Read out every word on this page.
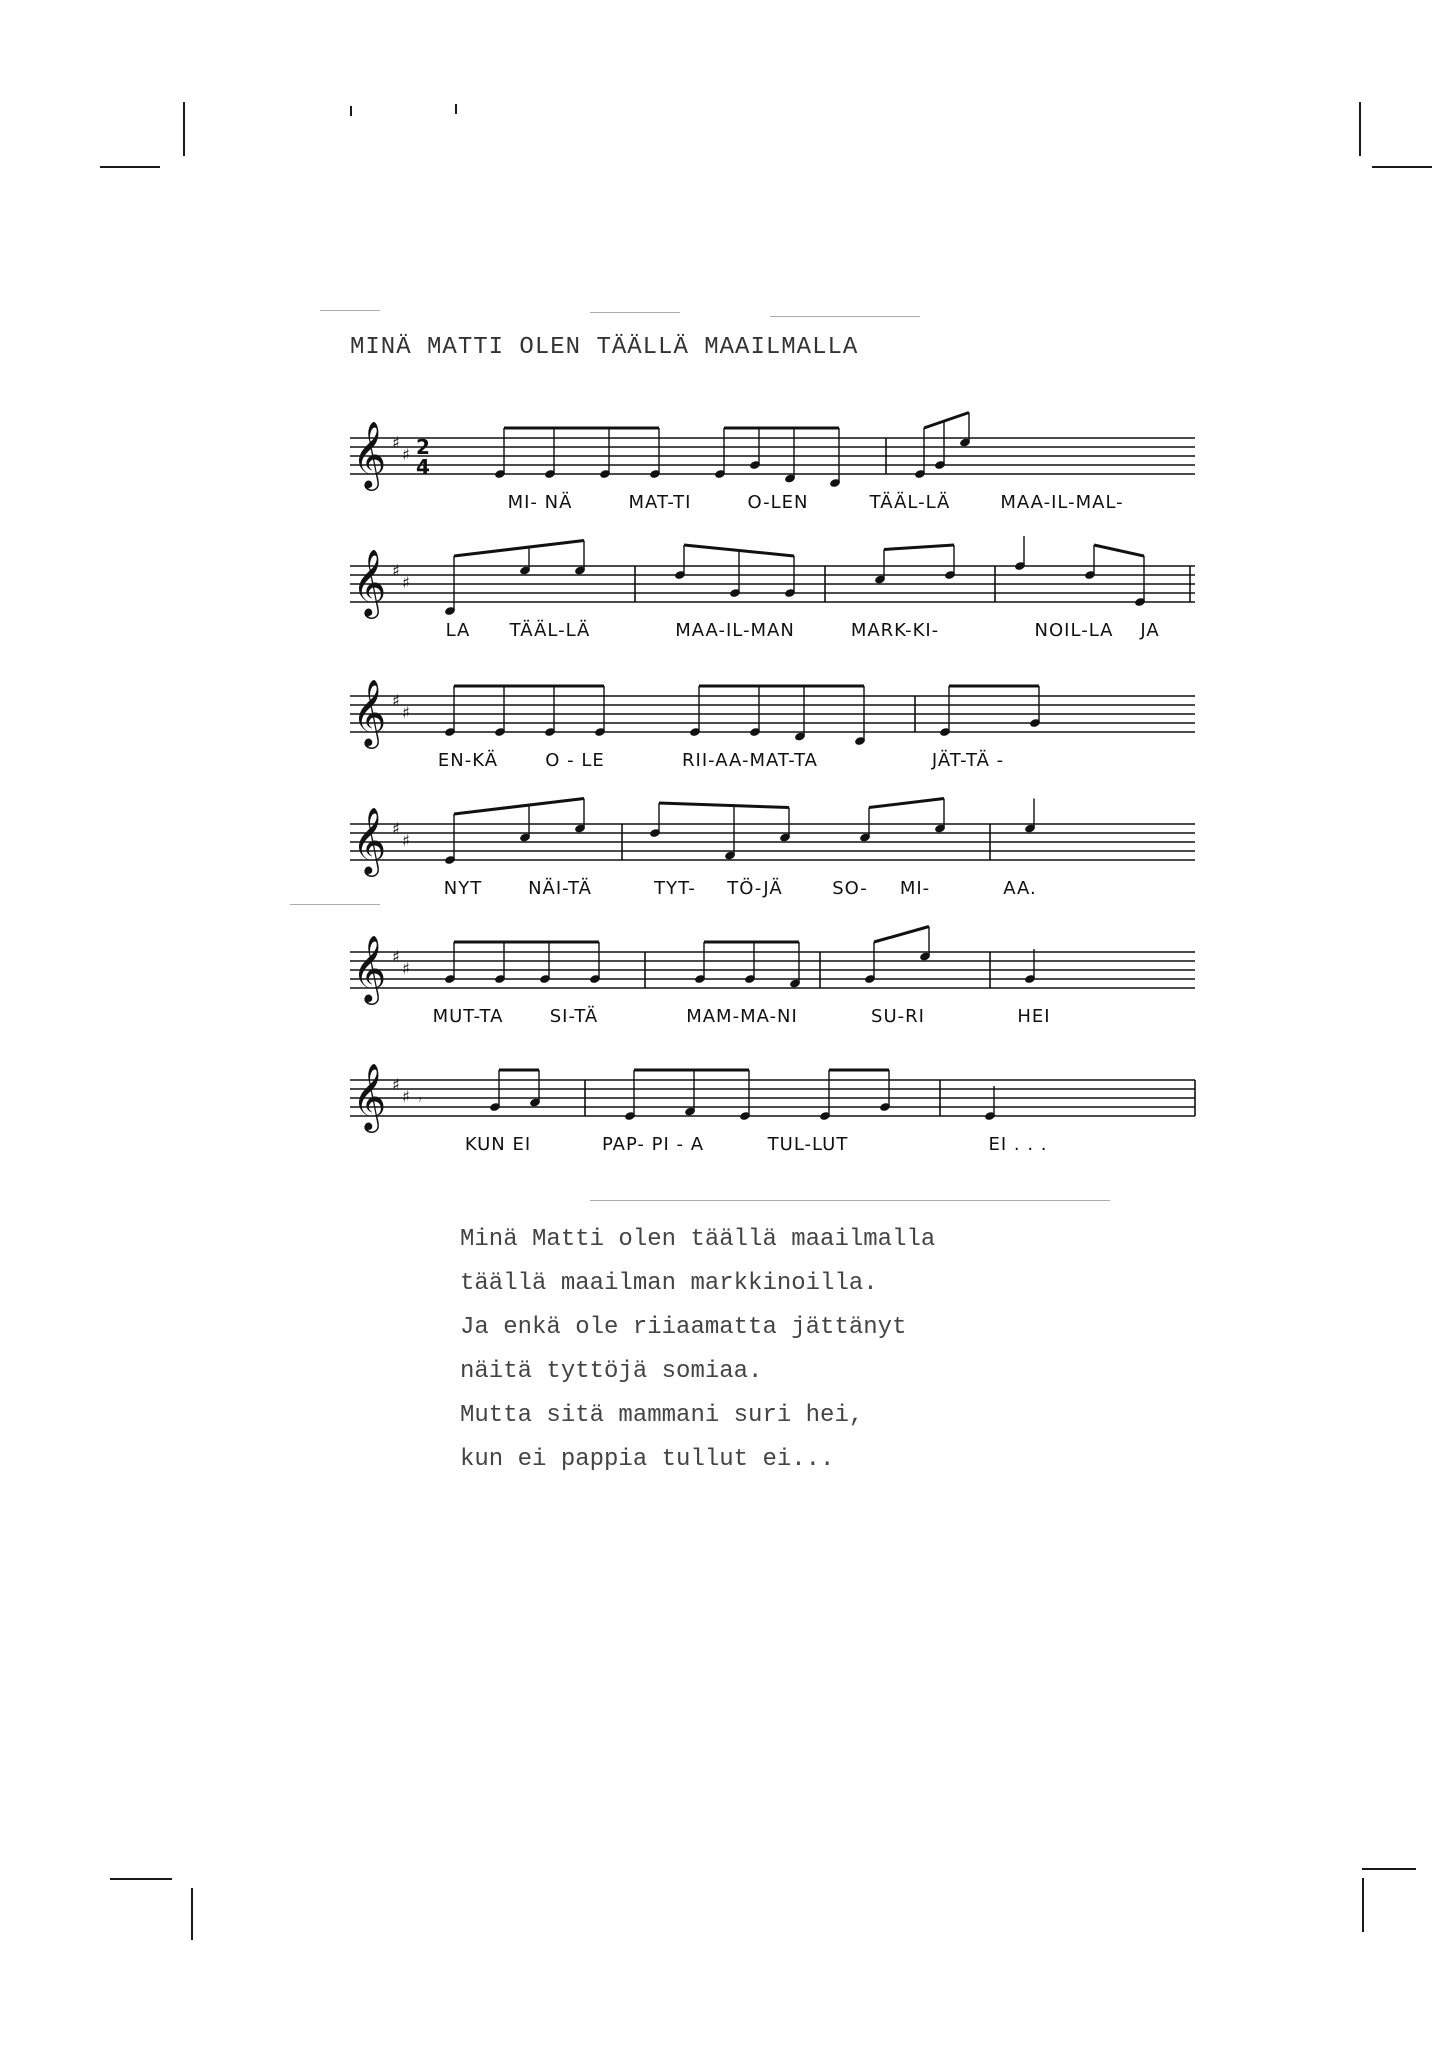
MINÄ MATTI OLEN TÄÄLLÄ MAAILMALLA
𝄞 ♯
♯ 2
4
MI- NÄ	MAT-TI	O-LEN	TÄÄL-LÄ	MAA-IL-MAL-
𝄞 ♯
♯
LA TÄÄL-LÄ	MAA-IL-MAN	MARK-KI-	NOIL-LA JA
𝄞 ♯
♯
EN-KÄ	O - LE	RII-AA-MAT-TA	JÄT-TÄ -
𝄞 ♯
♯
NYT	NÄI-TÄ	TYT- TÖ-JÄ	SO- MI-	AA.
𝄞 ♯
♯
MUT-TA	SI-TÄ	MAM-MA-NI	SU-RI	HEI
𝄞 ♯
♯ 𝄾
KUN EI	PAP- PI - A	TUL-LUT	EI . . .
Minä Matti olen täällä maailmalla
täällä maailman markkinoilla.
Ja enkä ole riiaamatta jättänyt
näitä tyttöjä somiaa.
Mutta sitä mammani suri hei,
kun ei pappia tullut ei...
